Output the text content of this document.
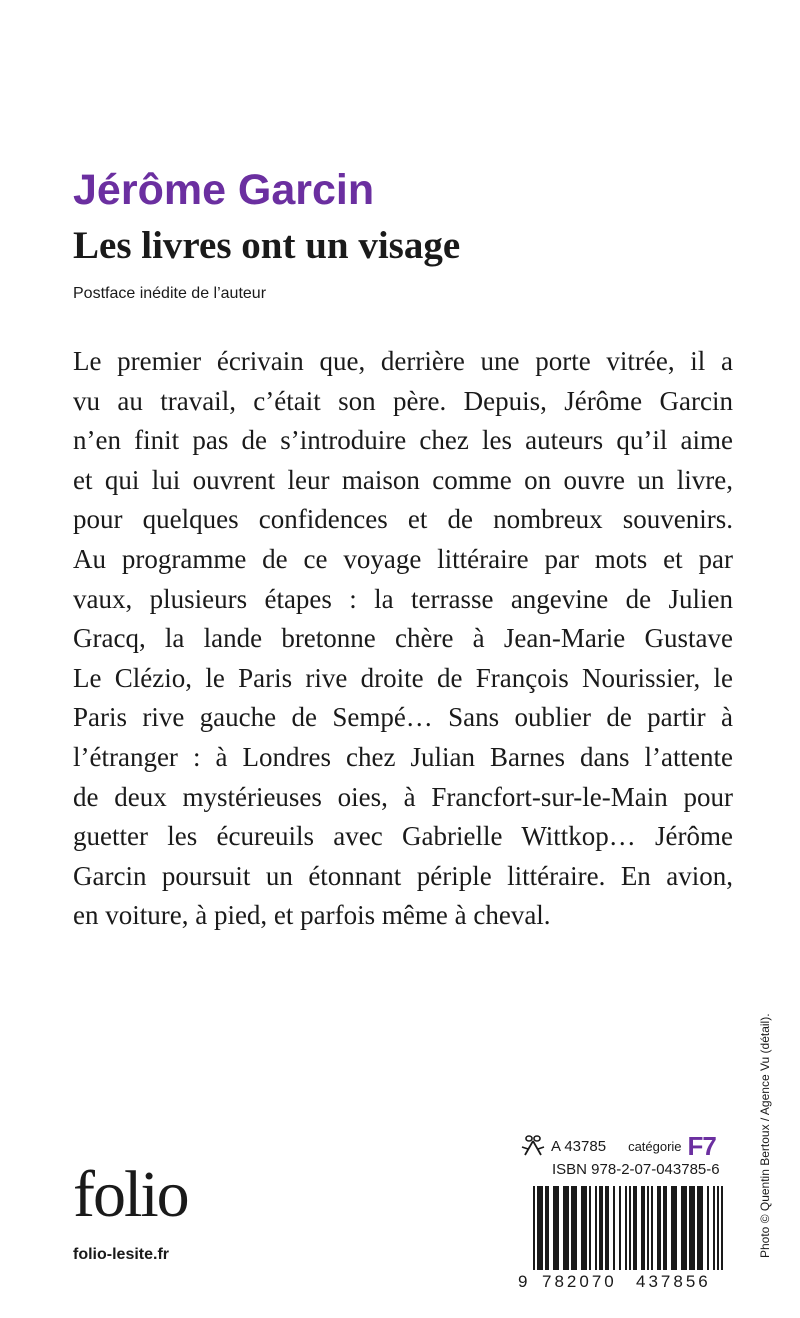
Jérôme Garcin
Les livres ont un visage

Postface inédite de l’auteur

Le premier écrivain que, derrière une porte vitrée, il a
vu au travail, c’était son père. Depuis, Jérôme Garcin
n’en finit pas de s’introduire chez les auteurs qu’il aime
et qui lui ouvrent leur maison comme on ouvre un livre,
pour quelques confidences et de nombreux souvenirs.
Au programme de ce voyage littéraire par mots et par
vaux, plusieurs étapes : la terrasse angevine de Julien
Gracq, la lande bretonne chère à Jean-Marie Gustave
Le Clézio, le Paris rive droite de François Nourissier, le
Paris rive gauche de Sempé… Sans oublier de partir à
l’étranger : à Londres chez Julian Barnes dans l’attente
de deux mystérieuses oies, à Francfort-sur-le-Main pour
guetter les écureuils avec Gabrielle Wittkop… Jérôme
Garcin poursuit un étonnant périple littéraire. En avion,
en voiture, à pied, et parfois même à cheval.
Photo © Quentin Bertoux / Agence Vu (détail).
folio
folio-lesite.fr
A 43785 catégorie F7
ISBN 978-2-07-043785-6
9 782070 437856
